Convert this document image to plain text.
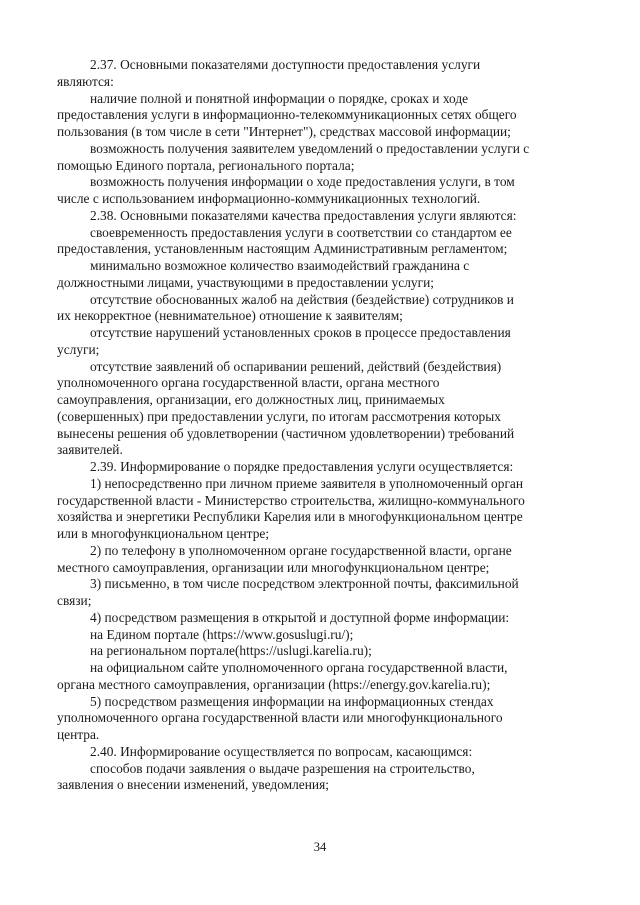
2.37. Основными показателями доступности предоставления услуги
являются:

наличие полной и понятной информации о порядке, сроках и ходе
предоставления услуги в информационно-телекоммуникационных сетях общего
пользования (в том числе в сети "Интернет"), средствах массовой информации;

возможность получения заявителем уведомлений о предоставлении услуги с
помощью Единого портала, регионального портала;

возможность получения информации о ходе предоставления услуги, в том
числе с использованием информационно-коммуникационных технологий.

2.38. Основными показателями качества предоставления услуги являются:

своевременность предоставления услуги в соответствии со стандартом ее
предоставления, установленным настоящим Административным регламентом;

минимально возможное количество взаимодействий гражданина с
должностными лицами, участвующими в предоставлении услуги;

отсутствие обоснованных жалоб на действия (бездействие) сотрудников и
их некорректное (невнимательное) отношение к заявителям;

отсутствие нарушений установленных сроков в процессе предоставления
услуги;

отсутствие заявлений об оспаривании решений, действий (бездействия)
уполномоченного органа государственной власти, органа местного
самоуправления, организации, его должностных лиц, принимаемых
(совершенных) при предоставлении услуги, по итогам рассмотрения которых
вынесены решения об удовлетворении (частичном удовлетворении) требований
заявителей.

2.39. Информирование о порядке предоставления услуги осуществляется:

1) непосредственно при личном приеме заявителя в уполномоченный орган
государственной власти - Министерство строительства, жилищно-коммунального
хозяйства и энергетики Республики Карелия или в многофункциональном центре
или в многофункциональном центре;

2) по телефону в уполномоченном органе государственной власти, органе
местного самоуправления, организации или многофункциональном центре;

3) письменно, в том числе посредством электронной почты, факсимильной
связи;

4) посредством размещения в открытой и доступной форме информации:

на Едином портале (https://www.gosuslugi.ru/);

на региональном портале(https://uslugi.karelia.ru);

на официальном сайте уполномоченного органа государственной власти,
органа местного самоуправления, организации (https://energy.gov.karelia.ru);

5) посредством размещения информации на информационных стендах
уполномоченного органа государственной власти или многофункционального
центра.

2.40. Информирование осуществляется по вопросам, касающимся:

способов подачи заявления о выдаче разрешения на строительство,
заявления о внесении изменений, уведомления;

34
